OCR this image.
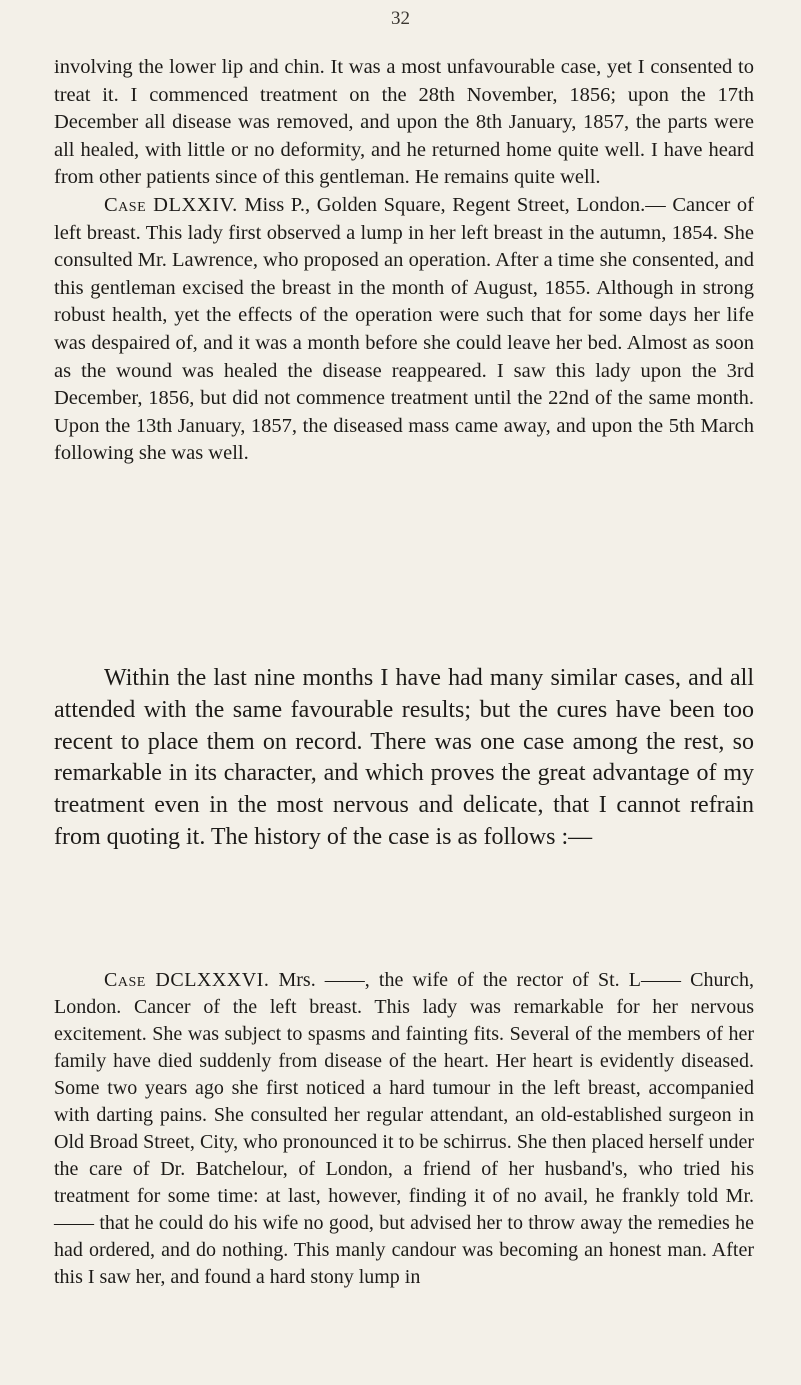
32

involving the lower lip and chin. It was a most unfavourable case, yet I consented to treat it. I commenced treatment on the 28th November, 1856; upon the 17th December all disease was removed, and upon the 8th January, 1857, the parts were all healed, with little or no deformity, and he returned home quite well. I have heard from other patients since of this gentleman. He remains quite well.

Case DLXXIV. Miss P., Golden Square, Regent Street, London.— Cancer of left breast. This lady first observed a lump in her left breast in the autumn, 1854. She consulted Mr. Lawrence, who proposed an operation. After a time she consented, and this gentleman excised the breast in the month of August, 1855. Although in strong robust health, yet the effects of the operation were such that for some days her life was despaired of, and it was a month before she could leave her bed. Almost as soon as the wound was healed the disease reappeared. I saw this lady upon the 3rd December, 1856, but did not commence treatment until the 22nd of the same month. Upon the 13th January, 1857, the diseased mass came away, and upon the 5th March following she was well.

Within the last nine months I have had many similar cases, and all attended with the same favourable results; but the cures have been too recent to place them on record. There was one case among the rest, so remarkable in its character, and which proves the great advantage of my treatment even in the most nervous and delicate, that I cannot refrain from quoting it. The history of the case is as follows :—

Case DCLXXXVI. Mrs. ——, the wife of the rector of St. L—— Church, London. Cancer of the left breast. This lady was remarkable for her nervous excitement. She was subject to spasms and fainting fits. Several of the members of her family have died suddenly from disease of the heart. Her heart is evidently diseased. Some two years ago she first noticed a hard tumour in the left breast, accompanied with darting pains. She consulted her regular attendant, an old-established surgeon in Old Broad Street, City, who pronounced it to be schirrus. She then placed herself under the care of Dr. Batchelour, of London, a friend of her husband's, who tried his treatment for some time: at last, however, finding it of no avail, he frankly told Mr. —— that he could do his wife no good, but advised her to throw away the remedies he had ordered, and do nothing. This manly candour was becoming an honest man. After this I saw her, and found a hard stony lump in
